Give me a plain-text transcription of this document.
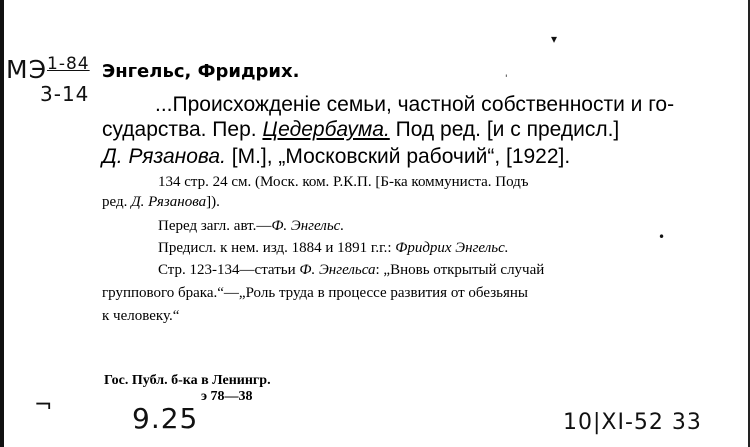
МЭ$^{1-84}$
3-14
▾
•
'
Энгельс, Фридрих.
...Происхожденіе семьи, частной собственности и го-
сударства. Пер. Цедербаума. Под ред. [и с предисл.]
Д. Рязанова. [M.], „Московский рабочий“, [1922].
134 стр. 24 см. (Моск. ком. Р.К.П. [Б-ка коммуниста. Подъ
ред. Д. Рязанова]).
Перед загл. авт.—Ф. Энгельс.
Предисл. к нем. изд. 1884 и 1891 г.г.: Фридрих Энгельс.
Стр. 123-134—статьи Ф. Энгельса: „Вновь открытый случай
группового брака.“—„Роль труда в процессе развития от обезьяны
к человеку.“
Гос. Публ. б-ка в Ленингр.
э 78—38
¬	9.25	10|XI-52 33
